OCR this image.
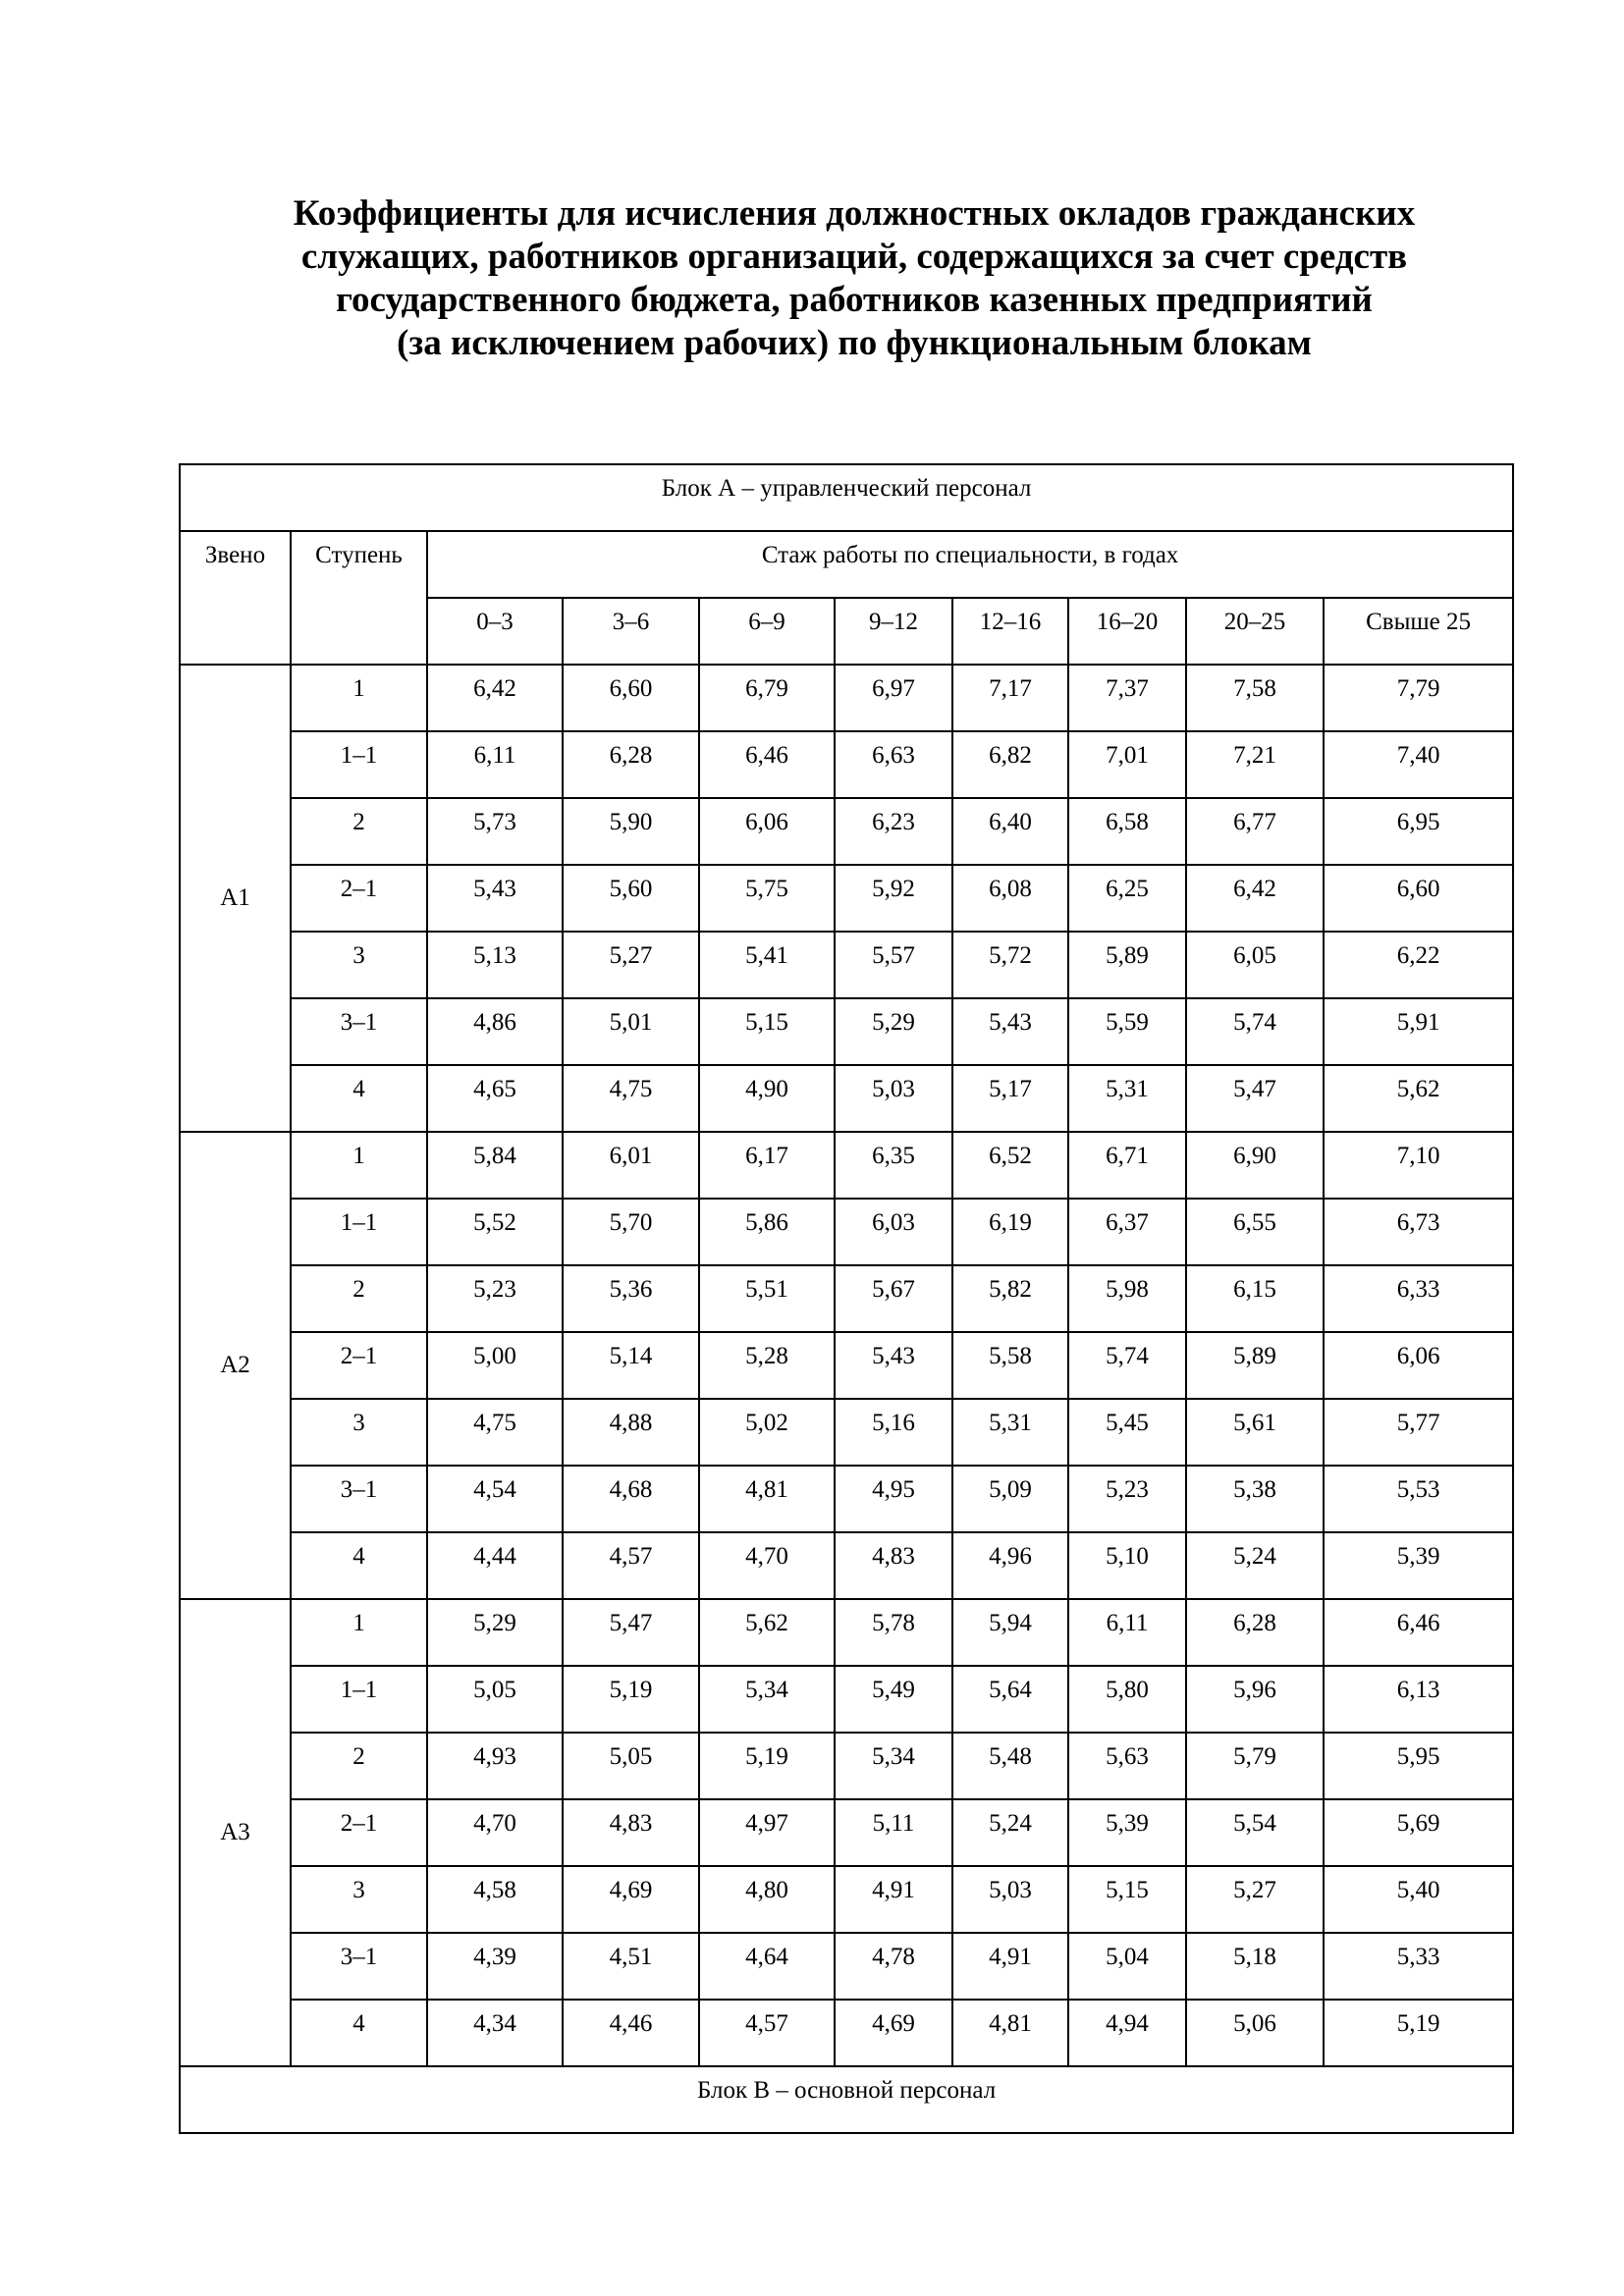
Коэффициенты для исчисления должностных окладов гражданских
служащих, работников организаций, содержащихся за счет средств
государственного бюджета, работников казенных предприятий
(за исключением рабочих) по функциональным блокам
Блок А – управленческий персонал									
Звено	Ступень	Стаж работы по специальности, в годах							
		0–3	3–6	6–9	9–12	12–16	16–20	20–25	Свыше 25
А1	1	6,42	6,60	6,79	6,97	7,17	7,37	7,58	7,79
	1–1	6,11	6,28	6,46	6,63	6,82	7,01	7,21	7,40
	2	5,73	5,90	6,06	6,23	6,40	6,58	6,77	6,95
	2–1	5,43	5,60	5,75	5,92	6,08	6,25	6,42	6,60
	3	5,13	5,27	5,41	5,57	5,72	5,89	6,05	6,22
	3–1	4,86	5,01	5,15	5,29	5,43	5,59	5,74	5,91
	4	4,65	4,75	4,90	5,03	5,17	5,31	5,47	5,62
А2	1	5,84	6,01	6,17	6,35	6,52	6,71	6,90	7,10
	1–1	5,52	5,70	5,86	6,03	6,19	6,37	6,55	6,73
	2	5,23	5,36	5,51	5,67	5,82	5,98	6,15	6,33
	2–1	5,00	5,14	5,28	5,43	5,58	5,74	5,89	6,06
	3	4,75	4,88	5,02	5,16	5,31	5,45	5,61	5,77
	3–1	4,54	4,68	4,81	4,95	5,09	5,23	5,38	5,53
	4	4,44	4,57	4,70	4,83	4,96	5,10	5,24	5,39
А3	1	5,29	5,47	5,62	5,78	5,94	6,11	6,28	6,46
	1–1	5,05	5,19	5,34	5,49	5,64	5,80	5,96	6,13
	2	4,93	5,05	5,19	5,34	5,48	5,63	5,79	5,95
	2–1	4,70	4,83	4,97	5,11	5,24	5,39	5,54	5,69
	3	4,58	4,69	4,80	4,91	5,03	5,15	5,27	5,40
	3–1	4,39	4,51	4,64	4,78	4,91	5,04	5,18	5,33
	4	4,34	4,46	4,57	4,69	4,81	4,94	5,06	5,19
Блок В – основной персонал									
